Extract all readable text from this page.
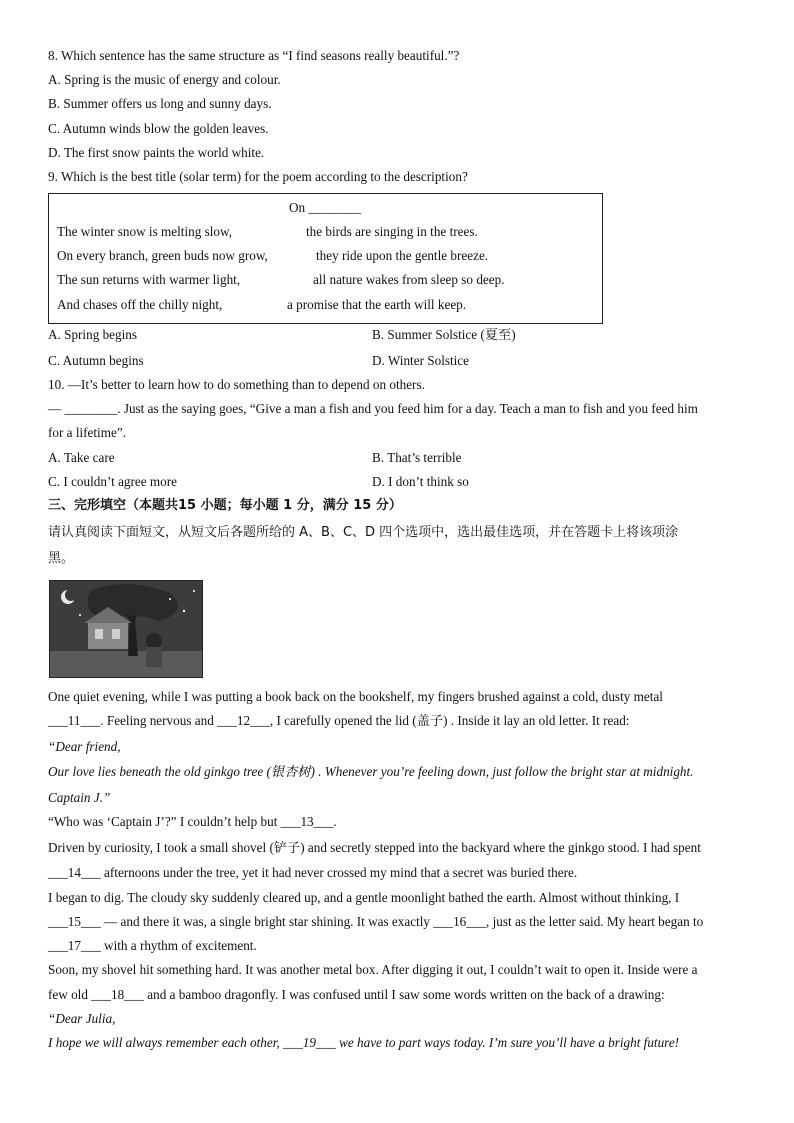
8. Which sentence has the same structure as “I find seasons really beautiful.”?
A. Spring is the music of energy and colour.
B. Summer offers us long and sunny days.
C. Autumn winds blow the golden leaves.
D. The first snow paints the world white.
9. Which is the best title (solar term) for the poem according to the description?
On ________
The winter snow is melting slow,	the birds are singing in the trees.
On every branch, green buds now grow,	they ride upon the gentle breeze.
The sun returns with warmer light,	all nature wakes from sleep so deep.
And chases off the chilly night,	a promise that the earth will keep.
A. Spring begins	B. Summer Solstice (夏至)
C. Autumn begins	D. Winter Solstice
10. —It’s better to learn how to do something than to depend on others.
— ________. Just as the saying goes, “Give a man a fish and you feed him for a day. Teach a man to fish and you feed him
for a lifetime”.
A. Take care	B. That’s terrible
C. I couldn’t agree more	D. I don’t think so
三、完形填空（本题共15 小题；每小题 1 分，满分 15 分）
请认真阅读下面短文，从短文后各题所给的 A、B、C、D 四个选项中，选出最佳选项，并在答题卡上将该项涂
黑。
One quiet evening, while I was putting a book back on the bookshelf, my fingers brushed against a cold, dusty metal
___11___. Feeling nervous and ___12___, I carefully opened the lid (盖子) . Inside it lay an old letter. It read:
“Dear friend,
Our love lies beneath the old ginkgo tree (银杏树) . Whenever you’re feeling down, just follow the bright star at midnight.
Captain J.”
“Who was ‘Captain J’?” I couldn’t help but ___13___.
Driven by curiosity, I took a small shovel (铲子) and secretly stepped into the backyard where the ginkgo stood. I had spent
___14___ afternoons under the tree, yet it had never crossed my mind that a secret was buried there.
I began to dig. The cloudy sky suddenly cleared up, and a gentle moonlight bathed the earth. Almost without thinking, I
___15___ — and there it was, a single bright star shining. It was exactly ___16___, just as the letter said. My heart began to
___17___ with a rhythm of excitement.
Soon, my shovel hit something hard. It was another metal box. After digging it out, I couldn’t wait to open it. Inside were a
few old ___18___ and a bamboo dragonfly. I was confused until I saw some words written on the back of a drawing:
“Dear Julia,
I hope we will always remember each other, ___19___ we have to part ways today. I’m sure you’ll have a bright future!
